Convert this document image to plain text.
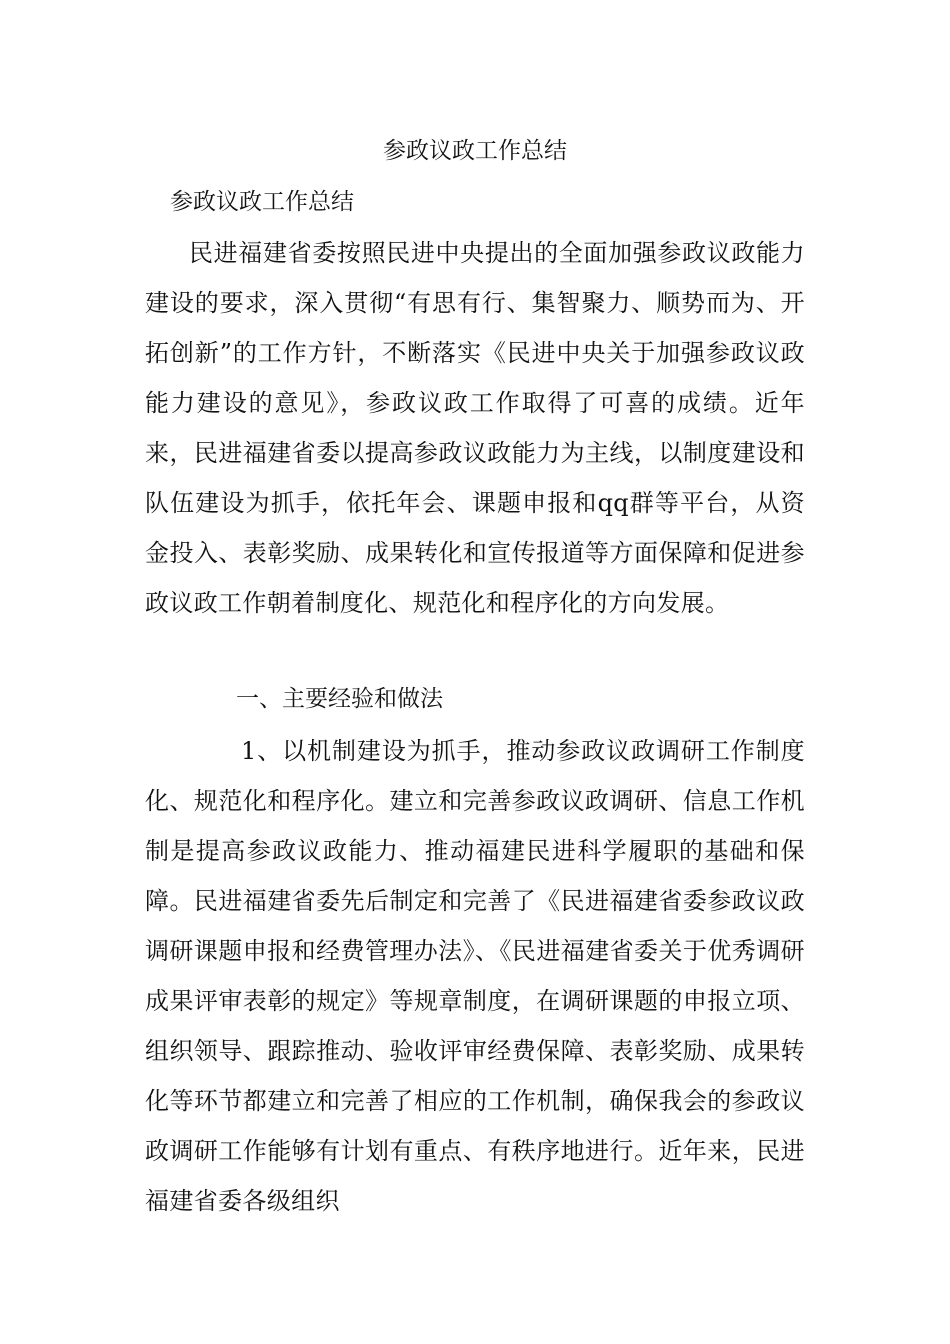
参政议政工作总结

参政议政工作总结

民进福建省委按照民进中央提出的全面加强参政议政能力建设的要求，深入贯彻“有思有行、集智聚力、顺势而为、开拓创新”的工作方针，不断落实《民进中央关于加强参政议政能力建设的意见》，参政议政工作取得了可喜的成绩。近年来，民进福建省委以提高参政议政能力为主线，以制度建设和队伍建设为抓手，依托年会、课题申报和qq群等平台，从资金投入、表彰奖励、成果转化和宣传报道等方面保障和促进参政议政工作朝着制度化、规范化和程序化的方向发展。

一、主要经验和做法

1、以机制建设为抓手，推动参政议政调研工作制度化、规范化和程序化。建立和完善参政议政调研、信息工作机制是提高参政议政能力、推动福建民进科学履职的基础和保障。民进福建省委先后制定和完善了《民进福建省委参政议政调研课题申报和经费管理办法》、《民进福建省委关于优秀调研成果评审表彰的规定》等规章制度，在调研课题的申报立项、组织领导、跟踪推动、验收评审经费保障、表彰奖励、成果转化等环节都建立和完善了相应的工作机制，确保我会的参政议政调研工作能够有计划有重点、有秩序地进行。近年来，民进福建省委各级组织
